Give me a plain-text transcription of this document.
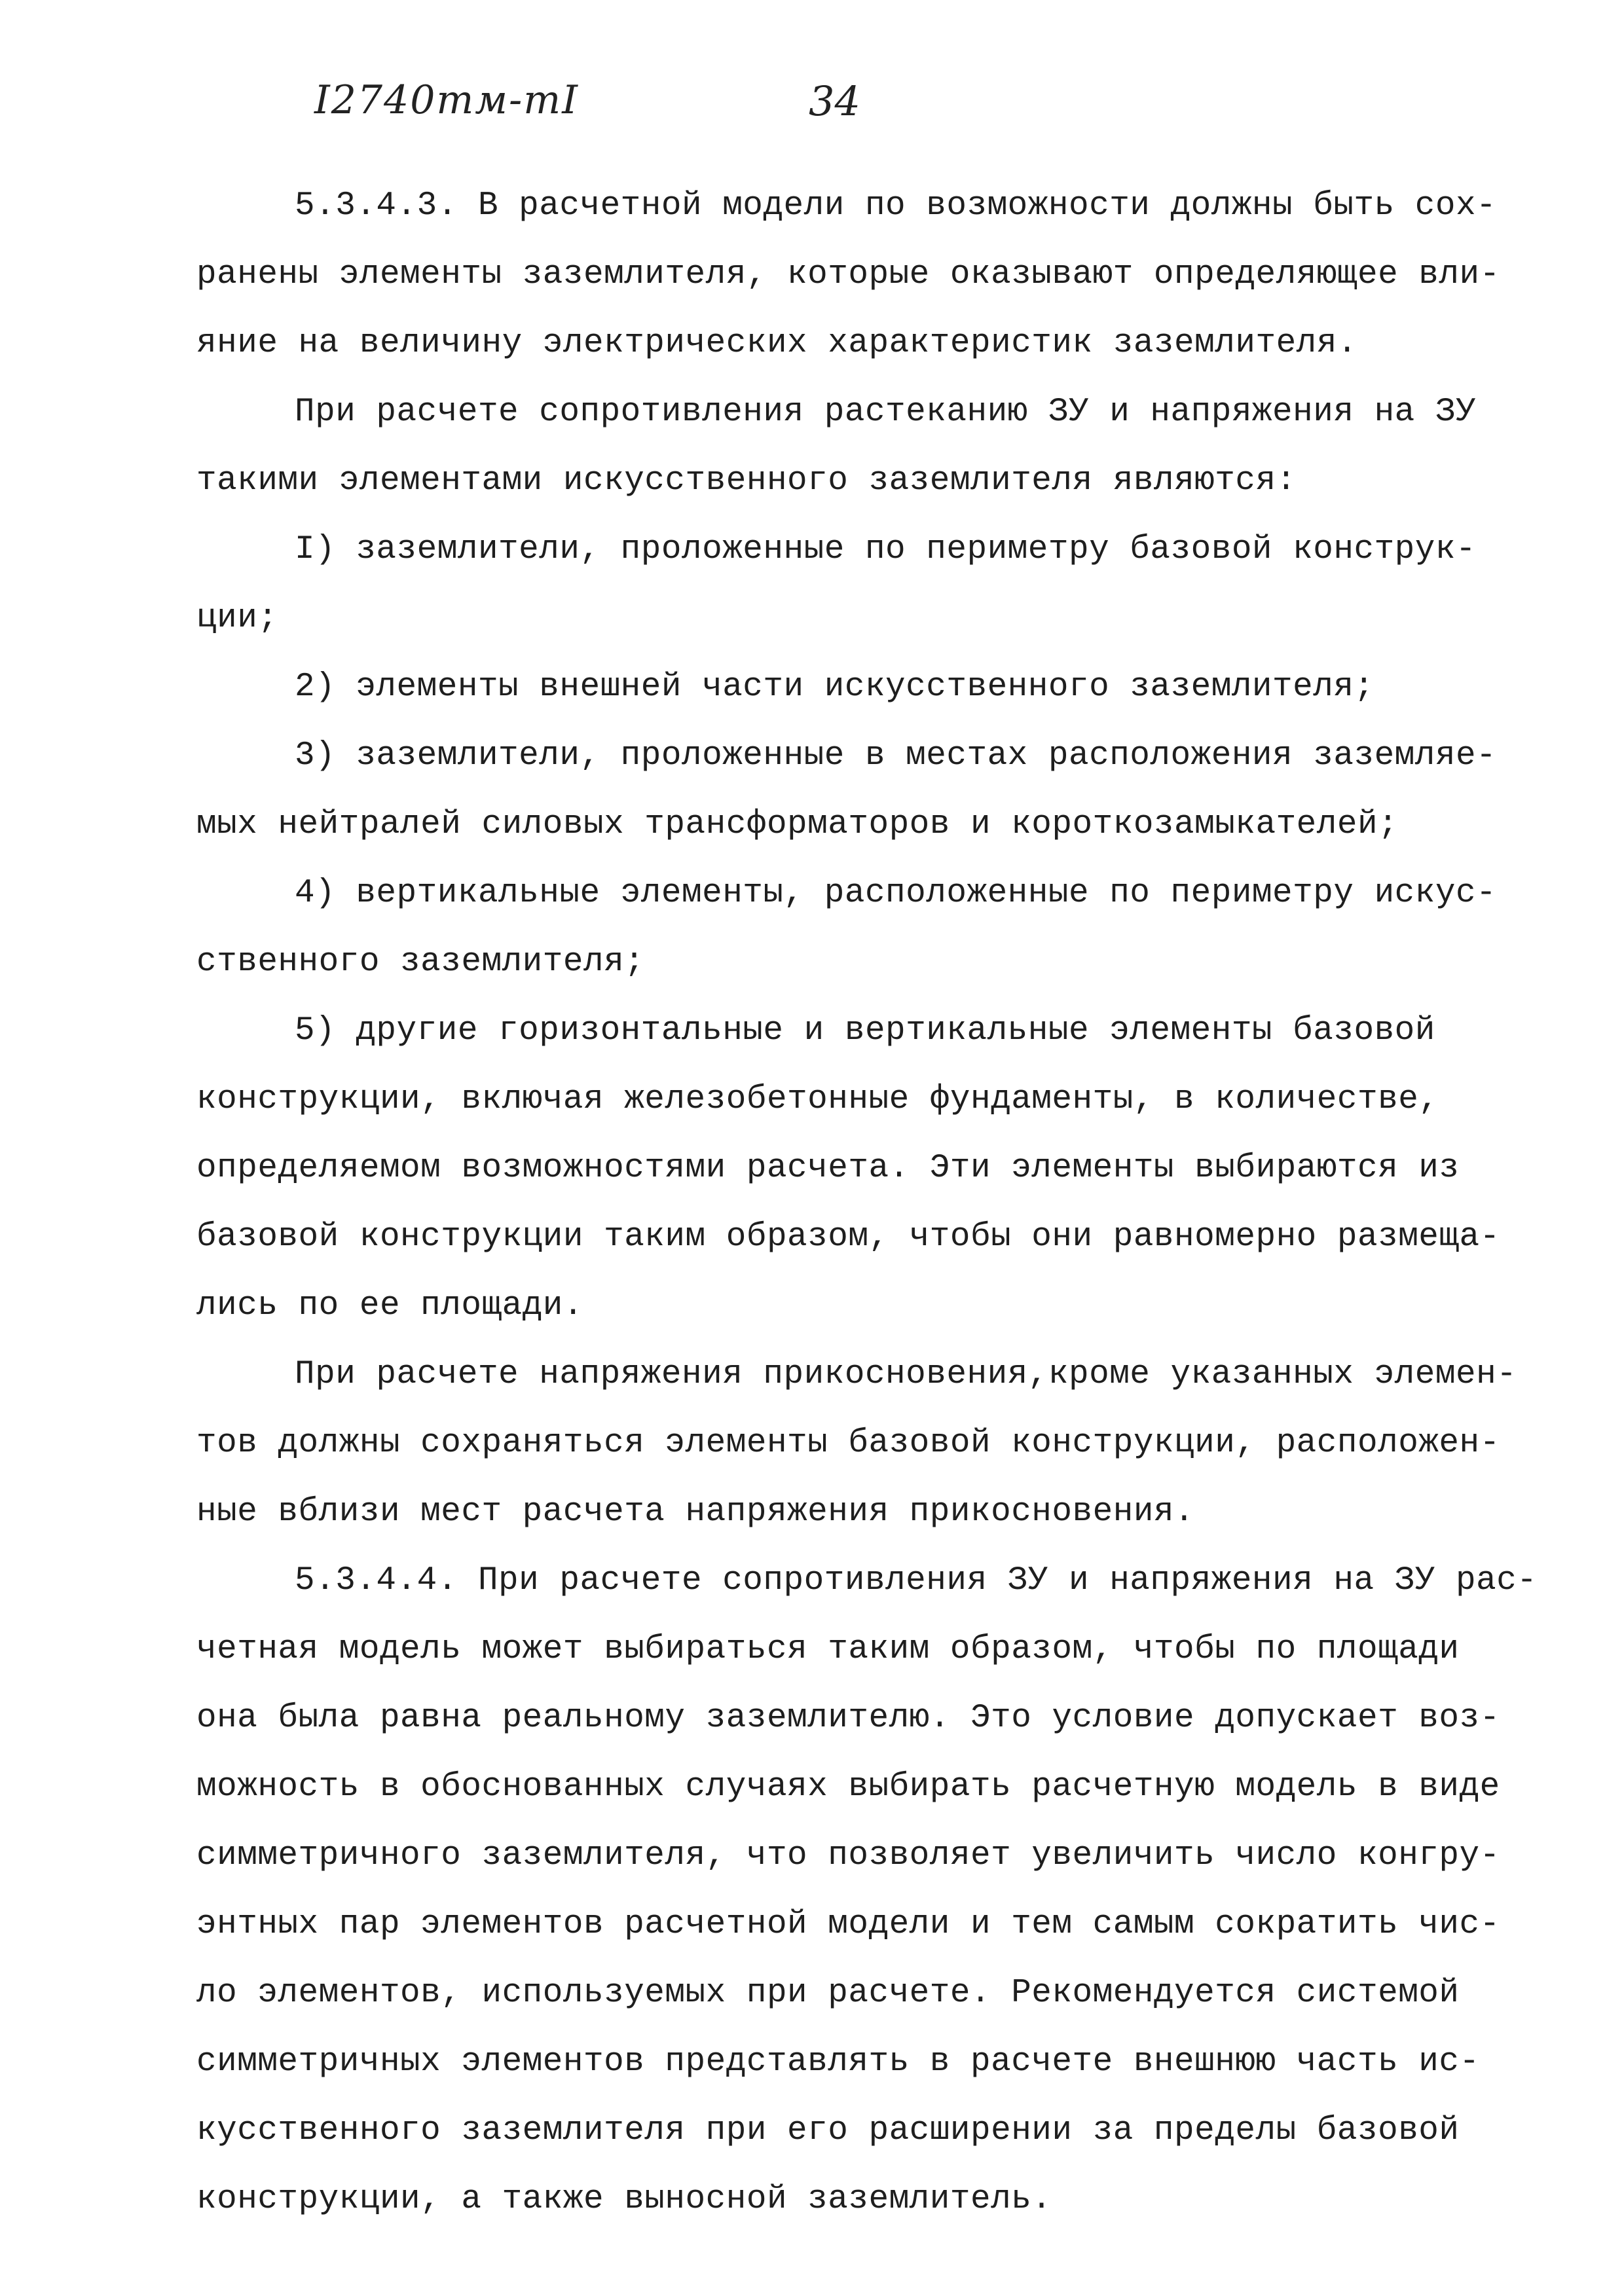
I2740тм-тI	34
5.3.4.3. В расчетной модели по возможности должны быть сох-
ранены элементы заземлителя, которые оказывают определяющее вли-
яние на величину электрических характеристик заземлителя.
При расчете сопротивления растеканию ЗУ и напряжения на ЗУ
такими элементами искусственного заземлителя являются:
I) заземлители, проложенные по периметру базовой конструк-
ции;
2) элементы внешней части искусственного заземлителя;
3) заземлители, проложенные в местах расположения заземляе-
мых нейтралей силовых трансформаторов и короткозамыкателей;
4) вертикальные элементы, расположенные по периметру искус-
ственного заземлителя;
5) другие горизонтальные и вертикальные элементы базовой
конструкции, включая железобетонные фундаменты, в количестве,
определяемом возможностями расчета. Эти элементы выбираются из
базовой конструкции таким образом, чтобы они равномерно размеща-
лись по ее площади.
При расчете напряжения прикосновения,кроме указанных элемен-
тов должны сохраняться элементы базовой конструкции, расположен-
ные вблизи мест расчета напряжения прикосновения.
5.3.4.4. При расчете сопротивления ЗУ и напряжения на ЗУ рас-
четная модель может выбираться таким образом, чтобы по площади
она была равна реальному заземлителю. Это условие допускает воз-
можность в обоснованных случаях выбирать расчетную модель в виде
симметричного заземлителя, что позволяет увеличить число конгру-
энтных пар элементов расчетной модели и тем самым сократить чис-
ло элементов, используемых при расчете. Рекомендуется системой
симметричных элементов представлять в расчете внешнюю часть ис-
кусственного заземлителя при его расширении за пределы базовой
конструкции, а также выносной заземлитель.
